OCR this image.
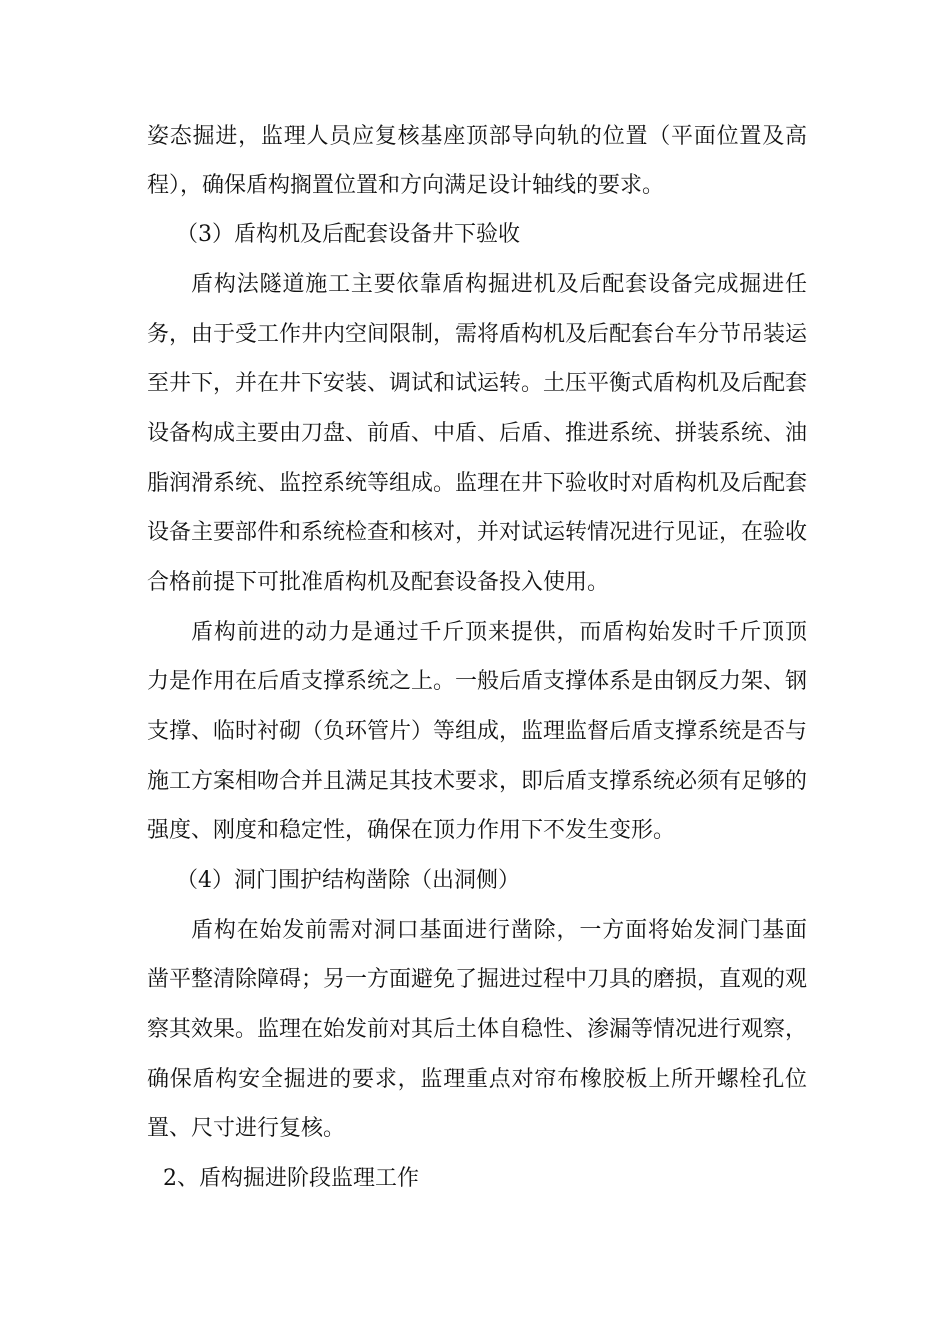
姿态掘进，监理人员应复核基座顶部导向轨的位置（平面位置及高
程），确保盾构搁置位置和方向满足设计轴线的要求。
（3）盾构机及后配套设备井下验收
盾构法隧道施工主要依靠盾构掘进机及后配套设备完成掘进任
务，由于受工作井内空间限制，需将盾构机及后配套台车分节吊装运
至井下，并在井下安装、调试和试运转。土压平衡式盾构机及后配套
设备构成主要由刀盘、前盾、中盾、后盾、推进系统、拼装系统、油
脂润滑系统、监控系统等组成。监理在井下验收时对盾构机及后配套
设备主要部件和系统检查和核对，并对试运转情况进行见证，在验收
合格前提下可批准盾构机及配套设备投入使用。
盾构前进的动力是通过千斤顶来提供，而盾构始发时千斤顶顶
力是作用在后盾支撑系统之上。一般后盾支撑体系是由钢反力架、钢
支撑、临时衬砌（负环管片）等组成，监理监督后盾支撑系统是否与
施工方案相吻合并且满足其技术要求，即后盾支撑系统必须有足够的
强度、刚度和稳定性，确保在顶力作用下不发生变形。
（4）洞门围护结构凿除（出洞侧）
盾构在始发前需对洞口基面进行凿除，一方面将始发洞门基面
凿平整清除障碍；另一方面避免了掘进过程中刀具的磨损，直观的观
察其效果。监理在始发前对其后土体自稳性、渗漏等情况进行观察，
确保盾构安全掘进的要求，监理重点对帘布橡胶板上所开螺栓孔位
置、尺寸进行复核。
2、盾构掘进阶段监理工作
